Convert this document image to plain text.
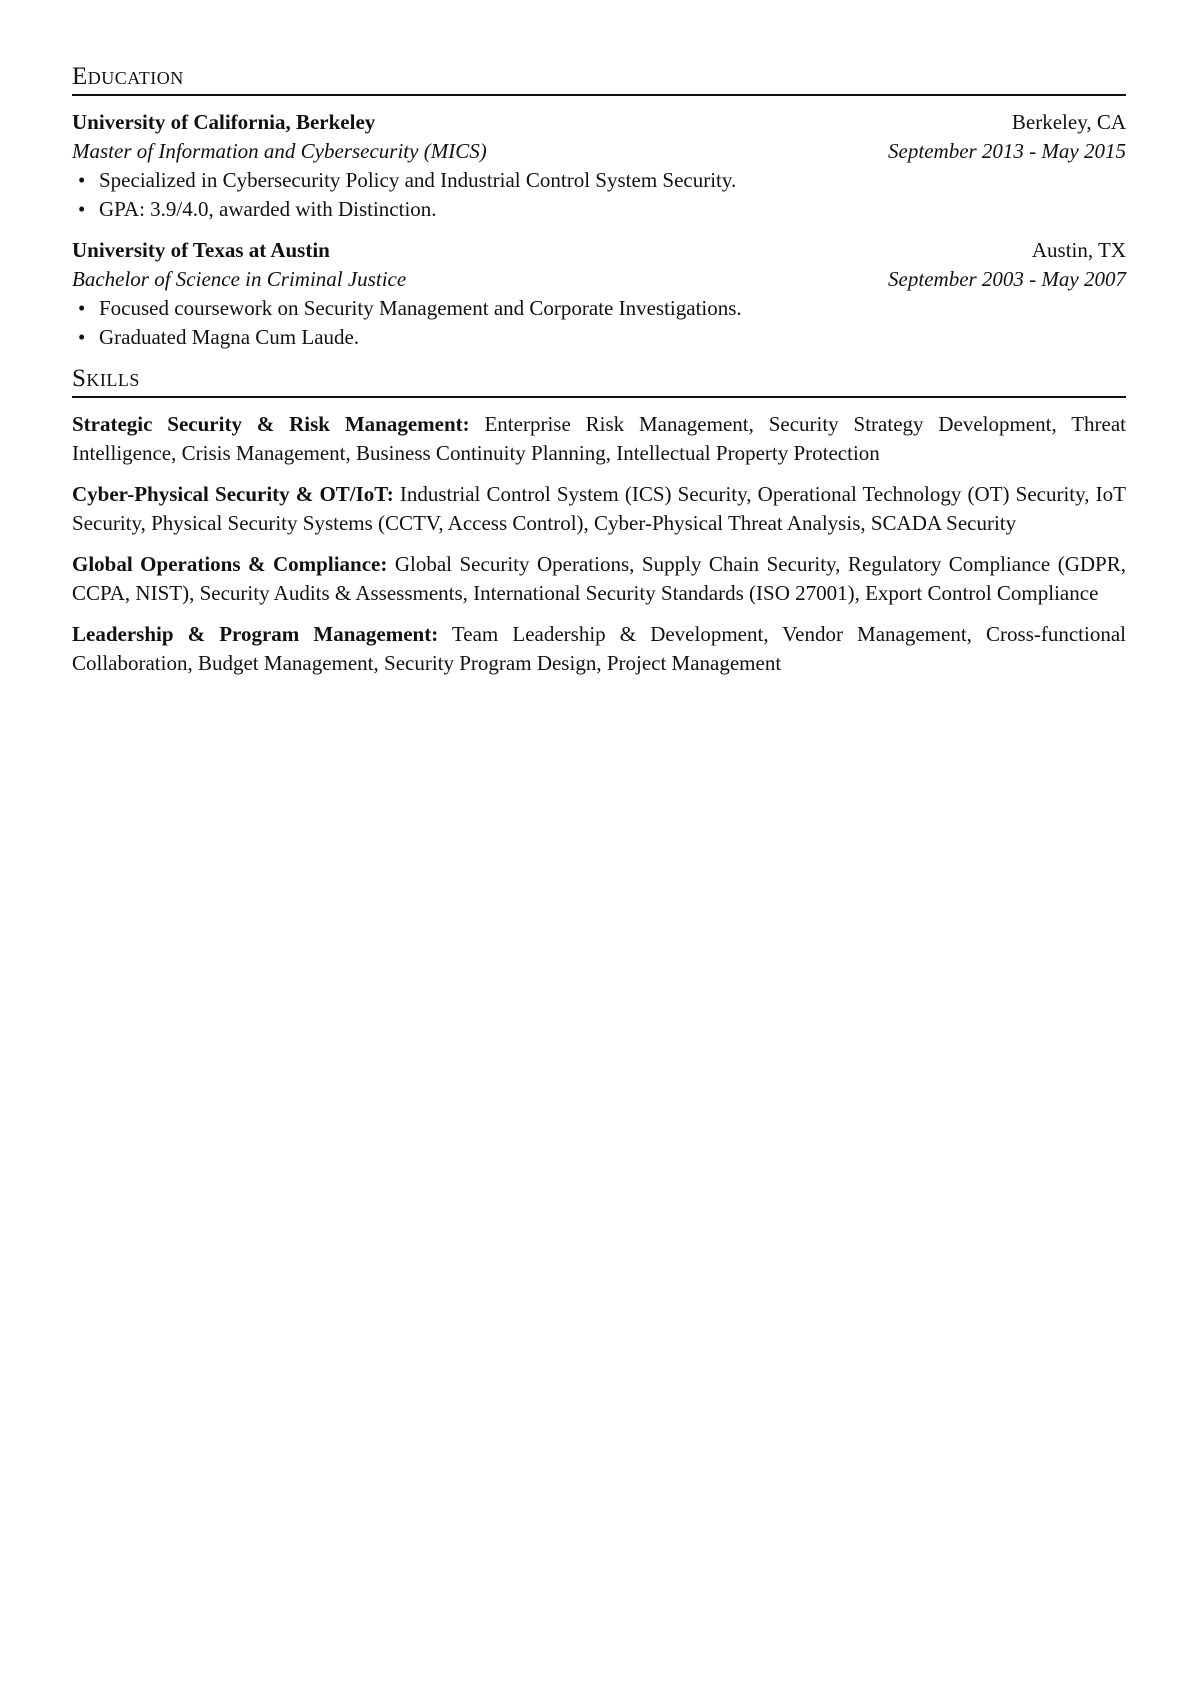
Education
University of California, Berkeley	Berkeley, CA
Master of Information and Cybersecurity (MICS)	September 2013 - May 2015
• Specialized in Cybersecurity Policy and Industrial Control System Security.
• GPA: 3.9/4.0, awarded with Distinction.
University of Texas at Austin	Austin, TX
Bachelor of Science in Criminal Justice	September 2003 - May 2007
• Focused coursework on Security Management and Corporate Investigations.
• Graduated Magna Cum Laude.
Skills

Strategic Security & Risk Management: Enterprise Risk Management, Security Strategy Development, Threat Intelligence, Crisis Management, Business Continuity Planning, Intellectual Property Protection

Cyber-Physical Security & OT/IoT: Industrial Control System (ICS) Security, Operational Technology (OT) Security, IoT Security, Physical Security Systems (CCTV, Access Control), Cyber-Physical Threat Analysis, SCADA Security

Global Operations & Compliance: Global Security Operations, Supply Chain Security, Regulatory Compliance (GDPR, CCPA, NIST), Security Audits & Assessments, International Security Standards (ISO 27001), Export Control Compliance

Leadership & Program Management: Team Leadership & Development, Vendor Management, Cross-functional Collaboration, Budget Management, Security Program Design, Project Management
